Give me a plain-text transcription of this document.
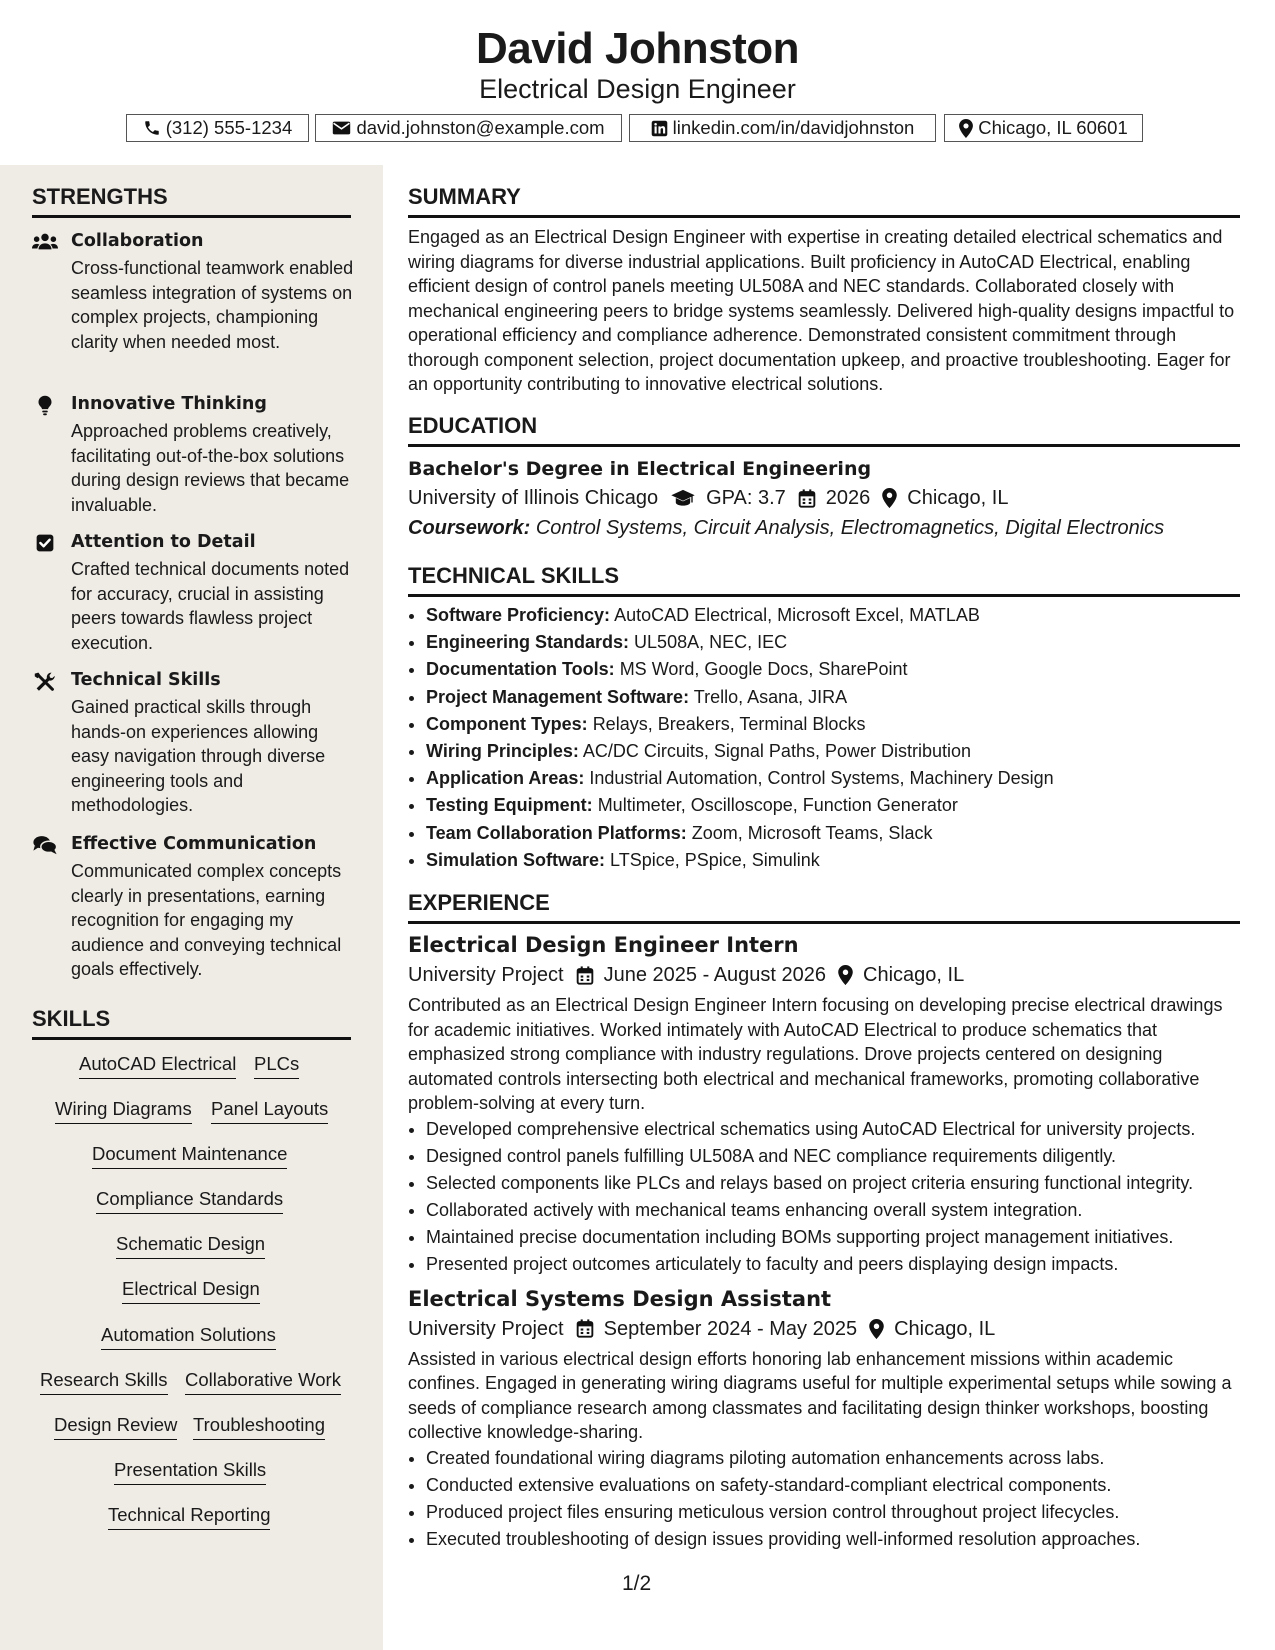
David Johnston
Electrical Design Engineer
(312) 555-1234	david.johnston@example.com	linkedin.com/in/davidjohnston	Chicago, IL 60601
STRENGTHS
Collaboration
Cross-functional teamwork enabled seamless integration of systems on complex projects, championing clarity when needed most.
Innovative Thinking
Approached problems creatively, facilitating out-of-the-box solutions during design reviews that became invaluable.
Attention to Detail
Crafted technical documents noted for accuracy, crucial in assisting peers towards flawless project execution.
Technical Skills
Gained practical skills through hands-on experiences allowing easy navigation through diverse engineering tools and methodologies.
Effective Communication
Communicated complex concepts clearly in presentations, earning recognition for engaging my audience and conveying technical goals effectively.
SKILLS
AutoCAD Electrical PLCs
Wiring Diagrams Panel Layouts
Document Maintenance
Compliance Standards
Schematic Design
Electrical Design
Automation Solutions
Research Skills Collaborative Work
Design Review Troubleshooting
Presentation Skills
Technical Reporting
SUMMARY

Engaged as an Electrical Design Engineer with expertise in creating detailed electrical schematics and wiring diagrams for diverse industrial applications. Built proficiency in AutoCAD Electrical, enabling efficient design of control panels meeting UL508A and NEC standards. Collaborated closely with mechanical engineering peers to bridge systems seamlessly. Delivered high-quality designs impactful to operational efficiency and compliance adherence. Demonstrated consistent commitment through thorough component selection, project documentation upkeep, and proactive troubleshooting. Eager for an opportunity contributing to innovative electrical solutions.

EDUCATION
Bachelor's Degree in Electrical Engineering
University of Illinois Chicago GPA: 3.7 2026 Chicago, IL
Coursework: Control Systems, Circuit Analysis, Electromagnetics, Digital Electronics
TECHNICAL SKILLS
• Software Proficiency: AutoCAD Electrical, Microsoft Excel, MATLAB
• Engineering Standards: UL508A, NEC, IEC
• Documentation Tools: MS Word, Google Docs, SharePoint
• Project Management Software: Trello, Asana, JIRA
• Component Types: Relays, Breakers, Terminal Blocks
• Wiring Principles: AC/DC Circuits, Signal Paths, Power Distribution
• Application Areas: Industrial Automation, Control Systems, Machinery Design
• Testing Equipment: Multimeter, Oscilloscope, Function Generator
• Team Collaboration Platforms: Zoom, Microsoft Teams, Slack
• Simulation Software: LTSpice, PSpice, Simulink
EXPERIENCE
Electrical Design Engineer Intern
University Project June 2025 - August 2026 Chicago, IL

Contributed as an Electrical Design Engineer Intern focusing on developing precise electrical drawings for academic initiatives. Worked intimately with AutoCAD Electrical to produce schematics that emphasized strong compliance with industry regulations. Drove projects centered on designing automated controls intersecting both electrical and mechanical frameworks, promoting collaborative problem-solving at every turn.

• Developed comprehensive electrical schematics using AutoCAD Electrical for university projects.
• Designed control panels fulfilling UL508A and NEC compliance requirements diligently.
• Selected components like PLCs and relays based on project criteria ensuring functional integrity.
• Collaborated actively with mechanical teams enhancing overall system integration.
• Maintained precise documentation including BOMs supporting project management initiatives.
• Presented project outcomes articulately to faculty and peers displaying design impacts.
Electrical Systems Design Assistant
University Project September 2024 - May 2025 Chicago, IL

Assisted in various electrical design efforts honoring lab enhancement missions within academic confines. Engaged in generating wiring diagrams useful for multiple experimental setups while sowing a seeds of compliance research among classmates and facilitating design thinker workshops, boosting collective knowledge-sharing.

• Created foundational wiring diagrams piloting automation enhancements across labs.
• Conducted extensive evaluations on safety-standard-compliant electrical components.
• Produced project files ensuring meticulous version control throughout project lifecycles.
• Executed troubleshooting of design issues providing well-informed resolution approaches.
1/2
